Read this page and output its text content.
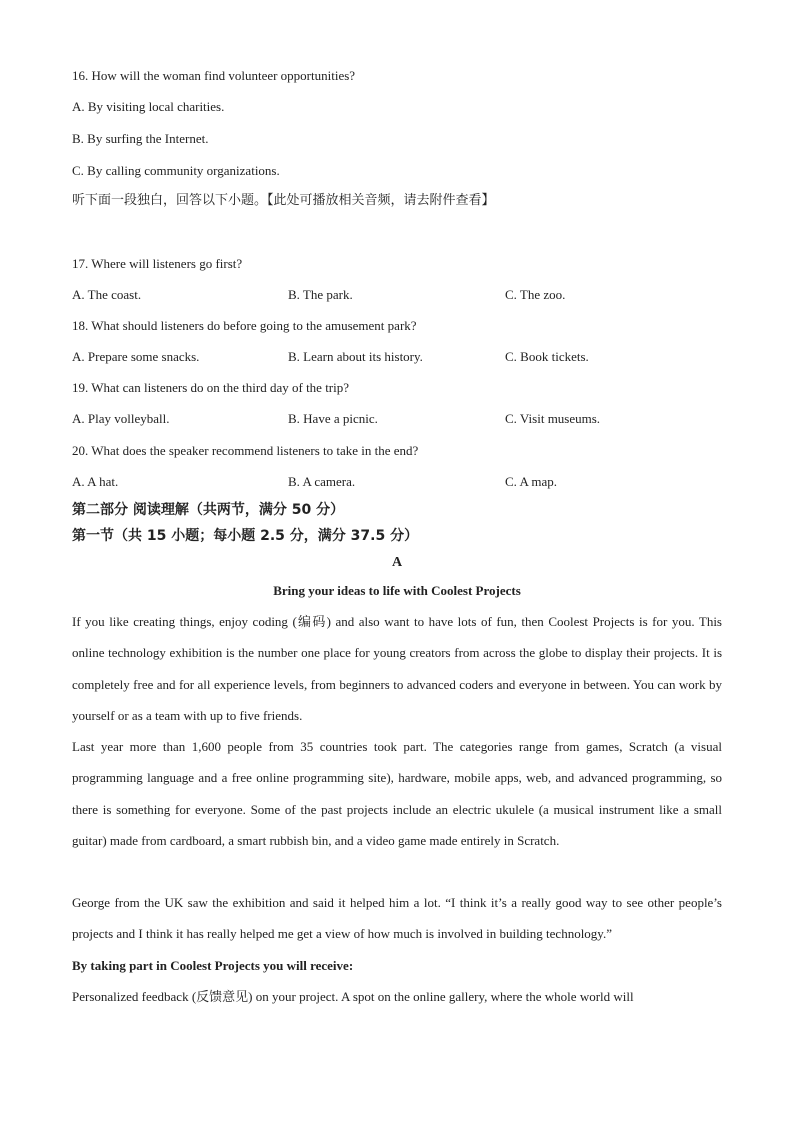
16. How will the woman find volunteer opportunities?
A. By visiting local charities.
B. By surfing the Internet.
C. By calling community organizations.
听下面一段独白，回答以下小题。【此处可播放相关音频，请去附件查看】
17. Where will listeners go first?
A. The coast.	B. The park.	C. The zoo.
18. What should listeners do before going to the amusement park?
A. Prepare some snacks.	B. Learn about its history.	C. Book tickets.
19. What can listeners do on the third day of the trip?
A. Play volleyball.	B. Have a picnic.	C. Visit museums.
20. What does the speaker recommend listeners to take in the end?
A. A hat.	B. A camera.	C. A map.
第二部分 阅读理解（共两节，满分 50 分）
第一节（共 15 小题；每小题 2.5 分，满分 37.5 分）
A
Bring your ideas to life with Coolest Projects
If you like creating things, enjoy coding (编码) and also want to have lots of fun, then Coolest Projects is for you. This online technology exhibition is the number one place for young creators from across the globe to display their projects. It is completely free and for all experience levels, from beginners to advanced coders and everyone in between. You can work by yourself or as a team with up to five friends.
Last year more than 1,600 people from 35 countries took part. The categories range from games, Scratch (a visual programming language and a free online programming site), hardware, mobile apps, web, and advanced programming, so there is something for everyone. Some of the past projects include an electric ukulele (a musical instrument like a small guitar) made from cardboard, a smart rubbish bin, and a video game made entirely in Scratch.
George from the UK saw the exhibition and said it helped him a lot. “I think it’s a really good way to see other people’s projects and I think it has really helped me get a view of how much is involved in building technology.”
By taking part in Coolest Projects you will receive:
Personalized feedback (反馈意见) on your project. A spot on the online gallery, where the whole world will
